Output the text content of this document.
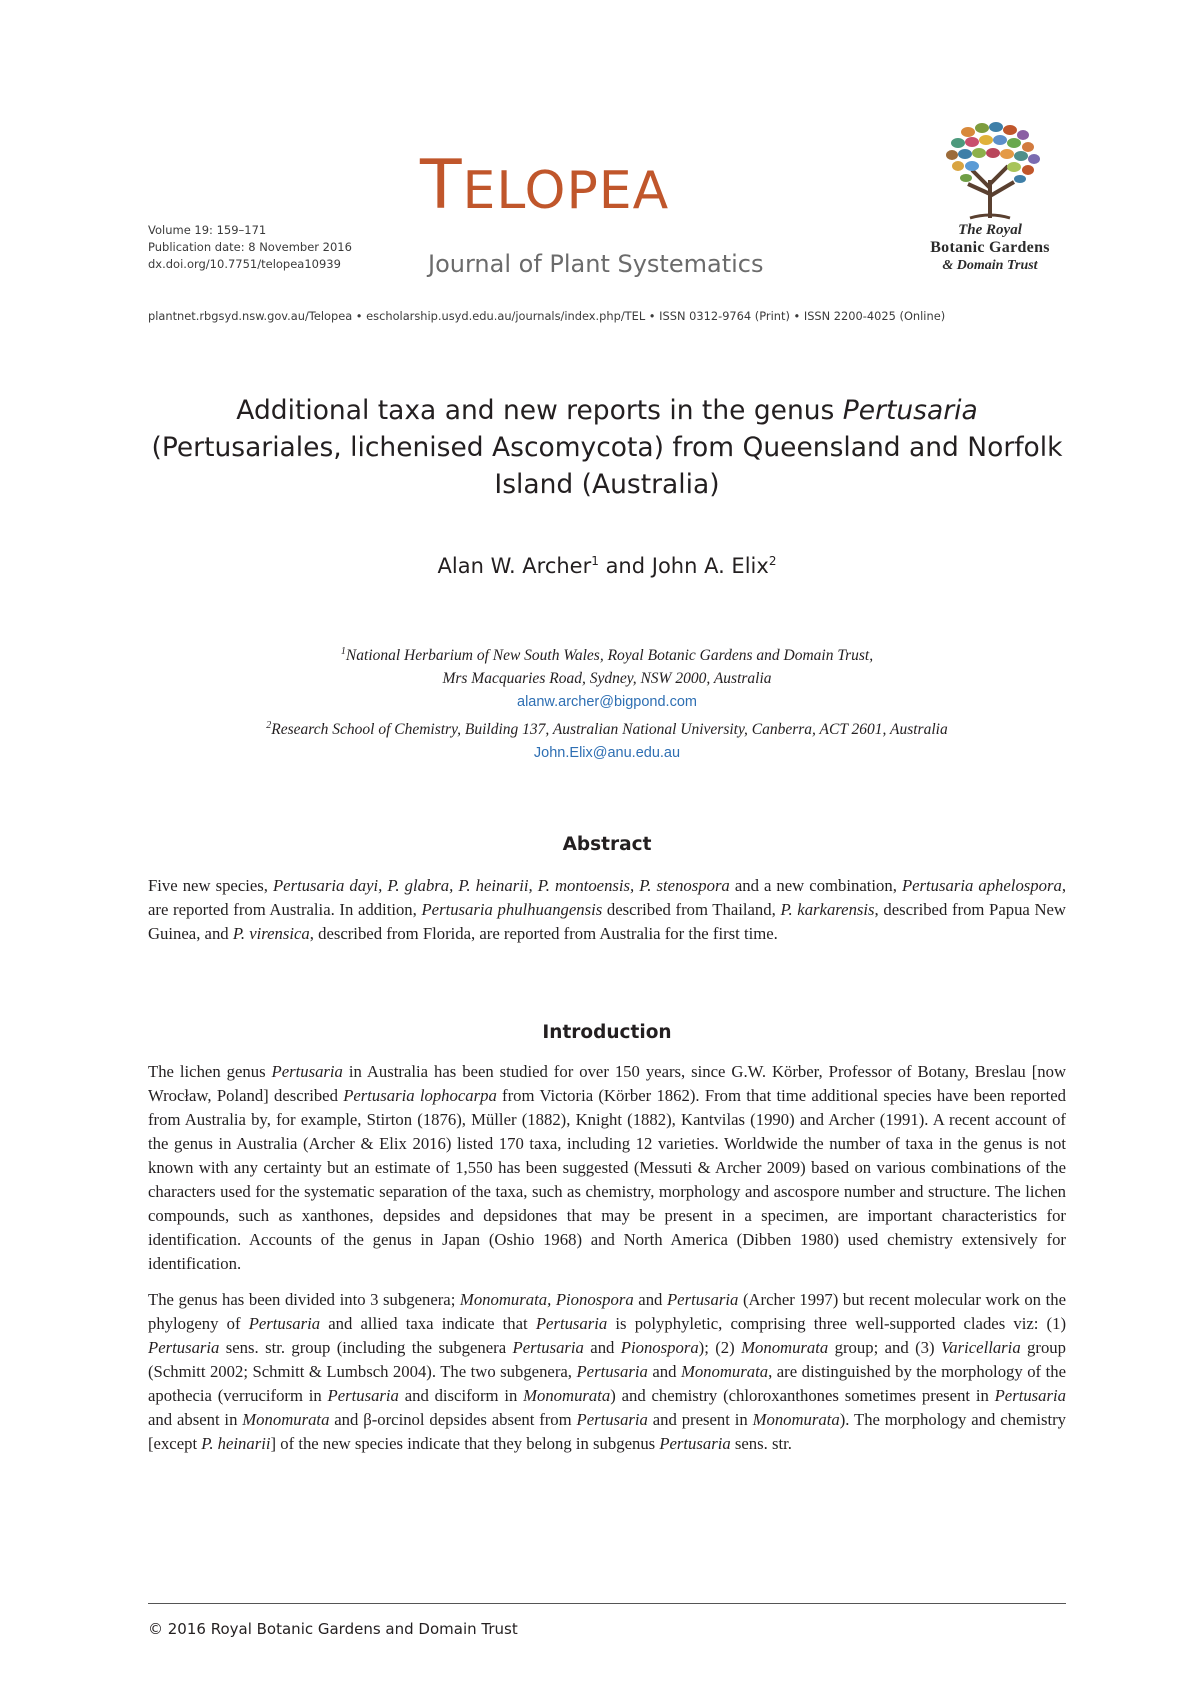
Volume 19: 159–171
Publication date: 8 November 2016
dx.doi.org/10.7751/telopea10939
TELOPEA
Journal of Plant Systematics
The Royal
Botanic Gardens
& Domain Trust
plantnet.rbgsyd.nsw.gov.au/Telopea • escholarship.usyd.edu.au/journals/index.php/TEL • ISSN 0312-9764 (Print) • ISSN 2200-4025 (Online)
Additional taxa and new reports in the genus Pertusaria
(Pertusariales, lichenised Ascomycota) from Queensland and Norfolk Island (Australia)
Alan W. Archer$^1$ and John A. Elix$^2$
$^1$National Herbarium of New South Wales, Royal Botanic Gardens and Domain Trust,
Mrs Macquaries Road, Sydney, NSW 2000, Australia
alanw.archer@bigpond.com
$^2$Research School of Chemistry, Building 137, Australian National University, Canberra, ACT 2601, Australia
John.Elix@anu.edu.au
Abstract

Five new species, Pertusaria dayi, P. glabra, P. heinarii, P. montoensis, P. stenospora and a new combination, Pertusaria aphelospora, are reported from Australia. In addition, Pertusaria phulhuangensis described from Thailand, P. karkarensis, described from Papua New Guinea, and P. virensica, described from Florida, are reported from Australia for the first time.

Introduction

The lichen genus Pertusaria in Australia has been studied for over 150 years, since G.W. Körber, Professor of Botany, Breslau [now Wrocław, Poland] described Pertusaria lophocarpa from Victoria (Körber 1862). From that time additional species have been reported from Australia by, for example, Stirton (1876), Müller (1882), Knight (1882), Kantvilas (1990) and Archer (1991). A recent account of the genus in Australia (Archer & Elix 2016) listed 170 taxa, including 12 varieties. Worldwide the number of taxa in the genus is not known with any certainty but an estimate of 1,550 has been suggested (Messuti & Archer 2009) based on various combinations of the characters used for the systematic separation of the taxa, such as chemistry, morphology and ascospore number and structure. The lichen compounds, such as xanthones, depsides and depsidones that may be present in a specimen, are important characteristics for identification. Accounts of the genus in Japan (Oshio 1968) and North America (Dibben 1980) used chemistry extensively for identification.

The genus has been divided into 3 subgenera; Monomurata, Pionospora and Pertusaria (Archer 1997) but recent molecular work on the phylogeny of Pertusaria and allied taxa indicate that Pertusaria is polyphyletic, comprising three well-supported clades viz: (1) Pertusaria sens. str. group (including the subgenera Pertusaria and Pionospora); (2) Monomurata group; and (3) Varicellaria group (Schmitt 2002; Schmitt & Lumbsch 2004). The two subgenera, Pertusaria and Monomurata, are distinguished by the morphology of the apothecia (verruciform in Pertusaria and disciform in Monomurata) and chemistry (chloroxanthones sometimes present in Pertusaria and absent in Monomurata and β-orcinol depsides absent from Pertusaria and present in Monomurata). The morphology and chemistry [except P. heinarii] of the new species indicate that they belong in subgenus Pertusaria sens. str.

© 2016 Royal Botanic Gardens and Domain Trust
